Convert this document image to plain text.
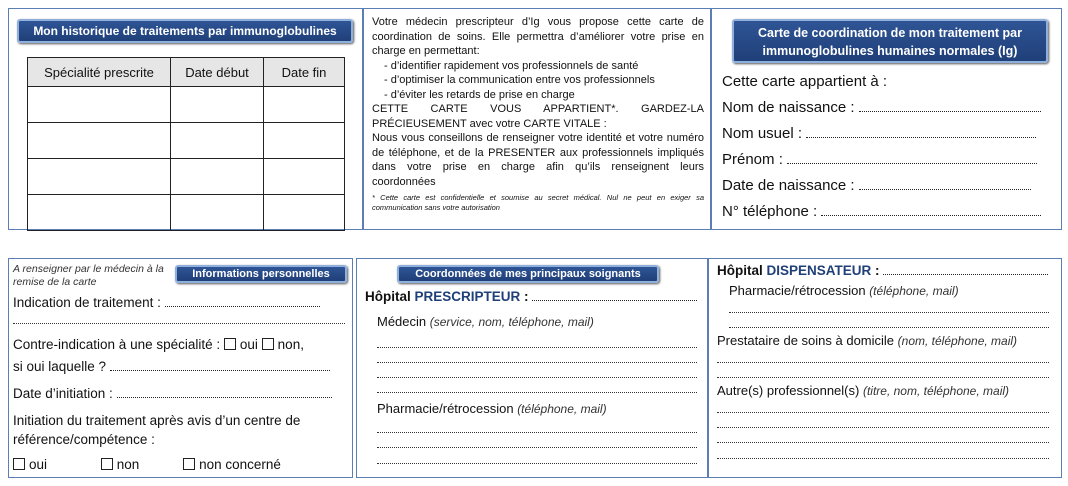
Mon historique de traitements par immunoglobulines
Spécialité prescrite	Date début	Date fin

Votre médecin prescripteur d’Ig vous propose cette carte de coordination de soins. Elle permettra d’améliorer votre prise en charge en permettant:
- d’identifier rapidement vos professionnels de santé
- d’optimiser la communication entre vos professionnels
- d’éviter les retards de prise en charge
CETTE CARTE VOUS APPARTIENT*. GARDEZ-LA PRÉCIEUSEMENT avec votre CARTE VITALE :
Nous vous conseillons de renseigner votre identité et votre numéro de téléphone, et de la PRESENTER aux professionnels impliqués dans votre prise en charge afin qu’ils renseignent leurs coordonnées
* Cette carte est confidentielle et soumise au secret médical. Nul ne peut en exiger sa communication sans votre autorisation
Carte de coordination de mon traitement par immunoglobulines humaines normales (Ig)
Cette carte appartient à :
Nom de naissance :
Nom usuel :
Prénom :
Date de naissance :
N° téléphone :
A renseigner par le médecin à la remise de la carte
Informations personnelles
Indication de traitement :
Contre-indication à une spécialité : oui non,
si oui laquelle ?
Date d’initiation :
Initiation du traitement après avis d’un centre de référence/compétence :
oui	non	non concerné
Coordonnées de mes principaux soignants
Hôpital PRESCRIPTEUR :
Médecin (service, nom, téléphone, mail)
Pharmacie/rétrocession (téléphone, mail)
Hôpital DISPENSATEUR :
Pharmacie/rétrocession (téléphone, mail)
Prestataire de soins à domicile (nom, téléphone, mail)
Autre(s) professionnel(s) (titre, nom, téléphone, mail)
